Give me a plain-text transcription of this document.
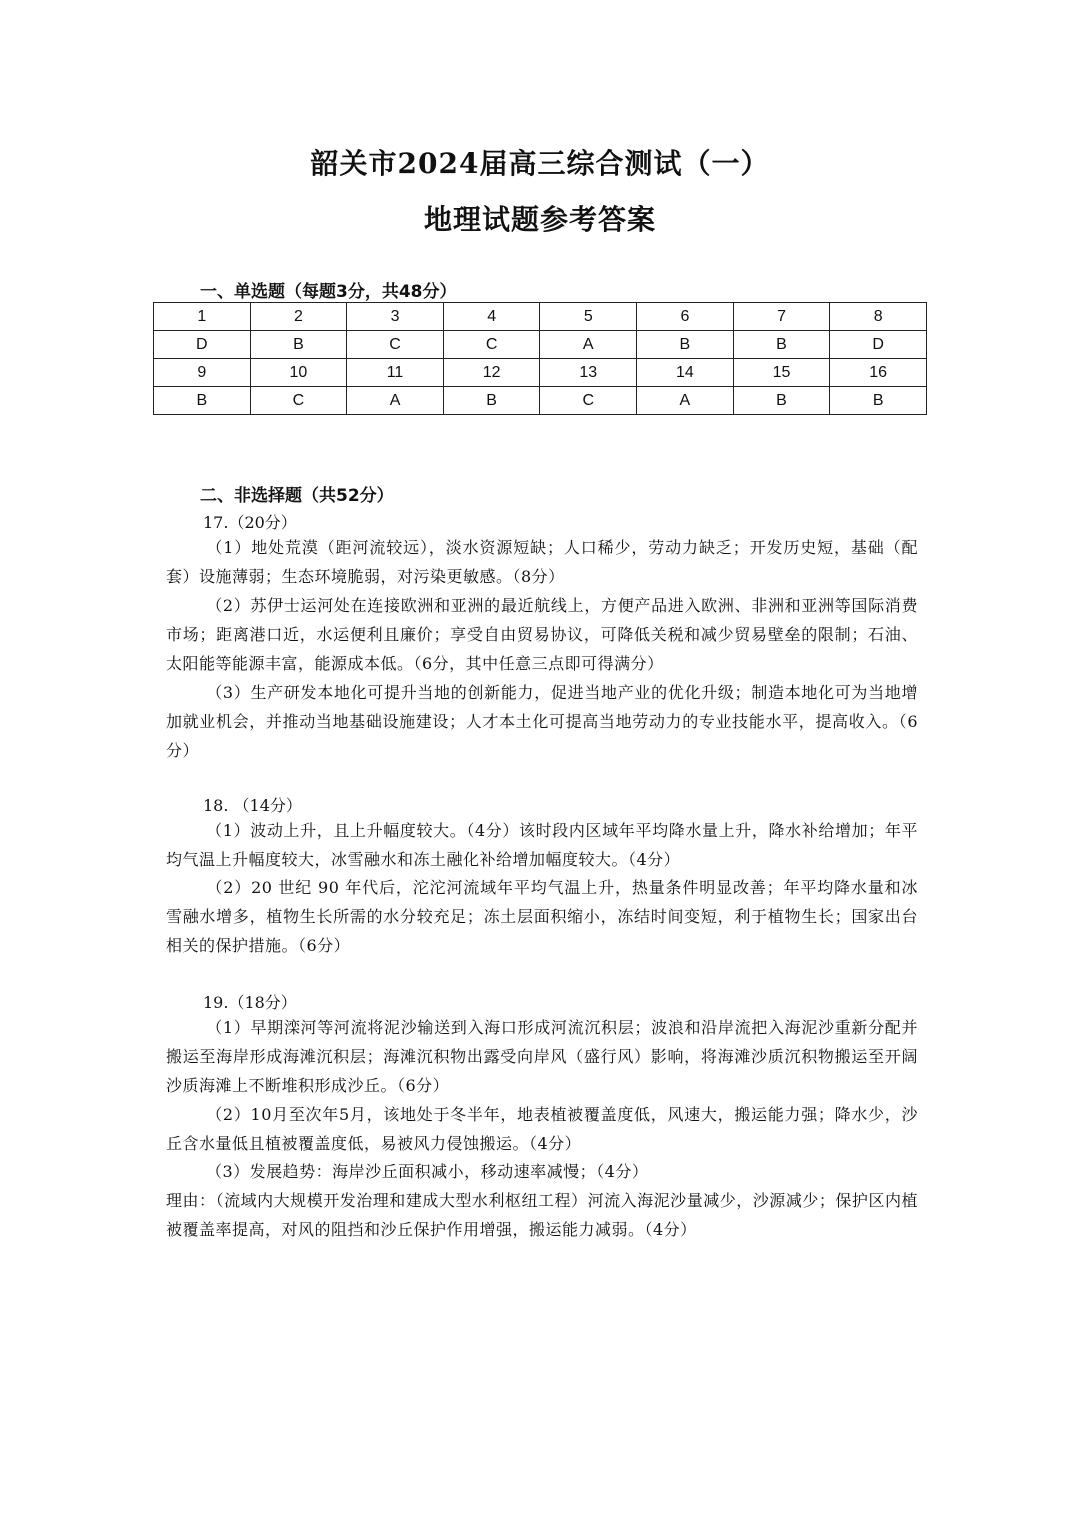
韶关市2024届高三综合测试（一）
地理试题参考答案
一、单选题（每题3分，共48分）
1	2	3	4	5	6	7	8
D	B	C	C	A	B	B	D
9	10	11	12	13	14	15	16
B	C	A	B	C	A	B	B
二、非选择题（共52分）
17.（20分）
（1）地处荒漠（距河流较远），淡水资源短缺；人口稀少，劳动力缺乏；开发历史短，基础（配套）设施薄弱；生态环境脆弱，对污染更敏感。（8分）
（2）苏伊士运河处在连接欧洲和亚洲的最近航线上，方便产品进入欧洲、非洲和亚洲等国际消费市场；距离港口近，水运便利且廉价；享受自由贸易协议，可降低关税和减少贸易壁垒的限制；石油、太阳能等能源丰富，能源成本低。（6分，其中任意三点即可得满分）
（3）生产研发本地化可提升当地的创新能力，促进当地产业的优化升级；制造本地化可为当地增加就业机会，并推动当地基础设施建设；人才本土化可提高当地劳动力的专业技能水平，提高收入。（6分）
18. （14分）
（1）波动上升，且上升幅度较大。（4分）该时段内区域年平均降水量上升，降水补给增加；年平均气温上升幅度较大，冰雪融水和冻土融化补给增加幅度较大。（4分）
（2）20 世纪 90 年代后，沱沱河流域年平均气温上升，热量条件明显改善；年平均降水量和冰雪融水增多，植物生长所需的水分较充足；冻土层面积缩小，冻结时间变短，利于植物生长；国家出台相关的保护措施。（6分）
19.（18分）
（1）早期滦河等河流将泥沙输送到入海口形成河流沉积层；波浪和沿岸流把入海泥沙重新分配并搬运至海岸形成海滩沉积层；海滩沉积物出露受向岸风（盛行风）影响，将海滩沙质沉积物搬运至开阔沙质海滩上不断堆积形成沙丘。（6分）
（2）10月至次年5月，该地处于冬半年，地表植被覆盖度低，风速大，搬运能力强；降水少，沙丘含水量低且植被覆盖度低，易被风力侵蚀搬运。（4分）
（3）发展趋势：海岸沙丘面积减小，移动速率减慢；（4分）
理由：（流域内大规模开发治理和建成大型水利枢纽工程）河流入海泥沙量减少，沙源减少；保护区内植被覆盖率提高，对风的阻挡和沙丘保护作用增强，搬运能力减弱。（4分）
